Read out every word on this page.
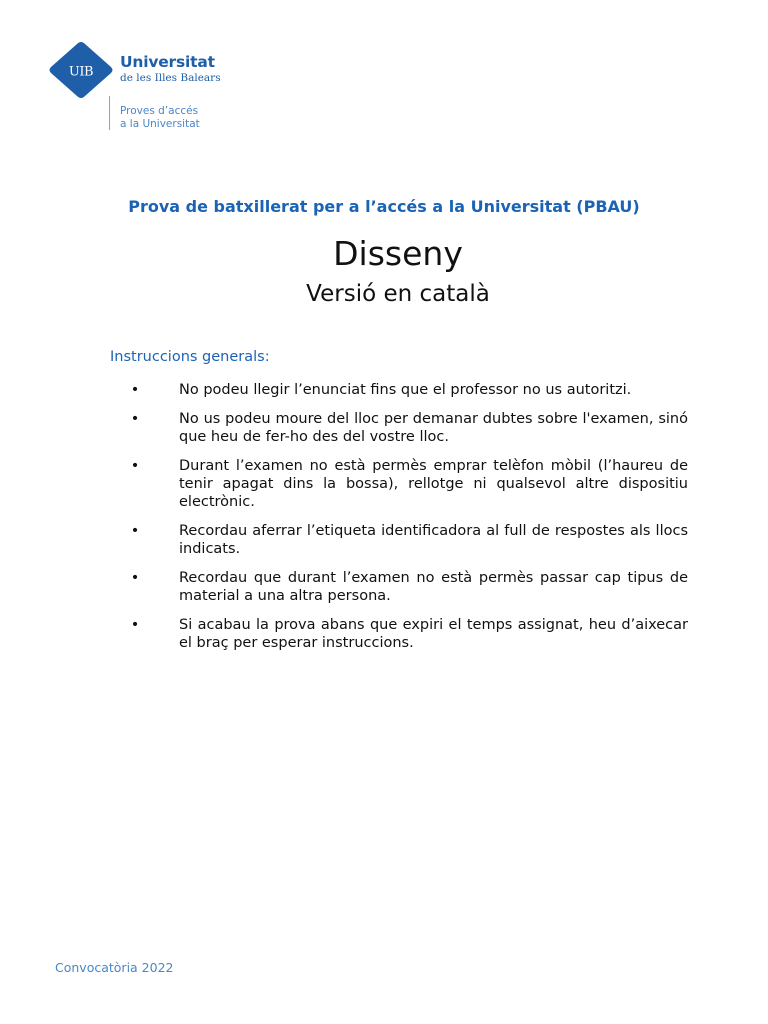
UIB
Universitat
de les Illes Balears
Proves d’accés
a la Universitat
Prova de batxillerat per a l’accés a la Universitat (PBAU)
Disseny
Versió en català
Instruccions generals:
•	No podeu llegir l’enunciat fins que el professor no us autoritzi.
•	No us podeu moure del lloc per demanar dubtes sobre l'examen, sinó que heu de fer-ho des del vostre lloc.
•	Durant l’examen no està permès emprar telèfon mòbil (l’haureu de tenir apagat dins la bossa), rellotge ni qualsevol altre dispositiu electrònic.
•	Recordau aferrar l’etiqueta identificadora al full de respostes als llocs indicats.
•	Recordau que durant l’examen no està permès passar cap tipus de material a una altra persona.
•	Si acabau la prova abans que expiri el temps assignat, heu d’aixecar el braç per esperar instruccions.
Convocatòria 2022
